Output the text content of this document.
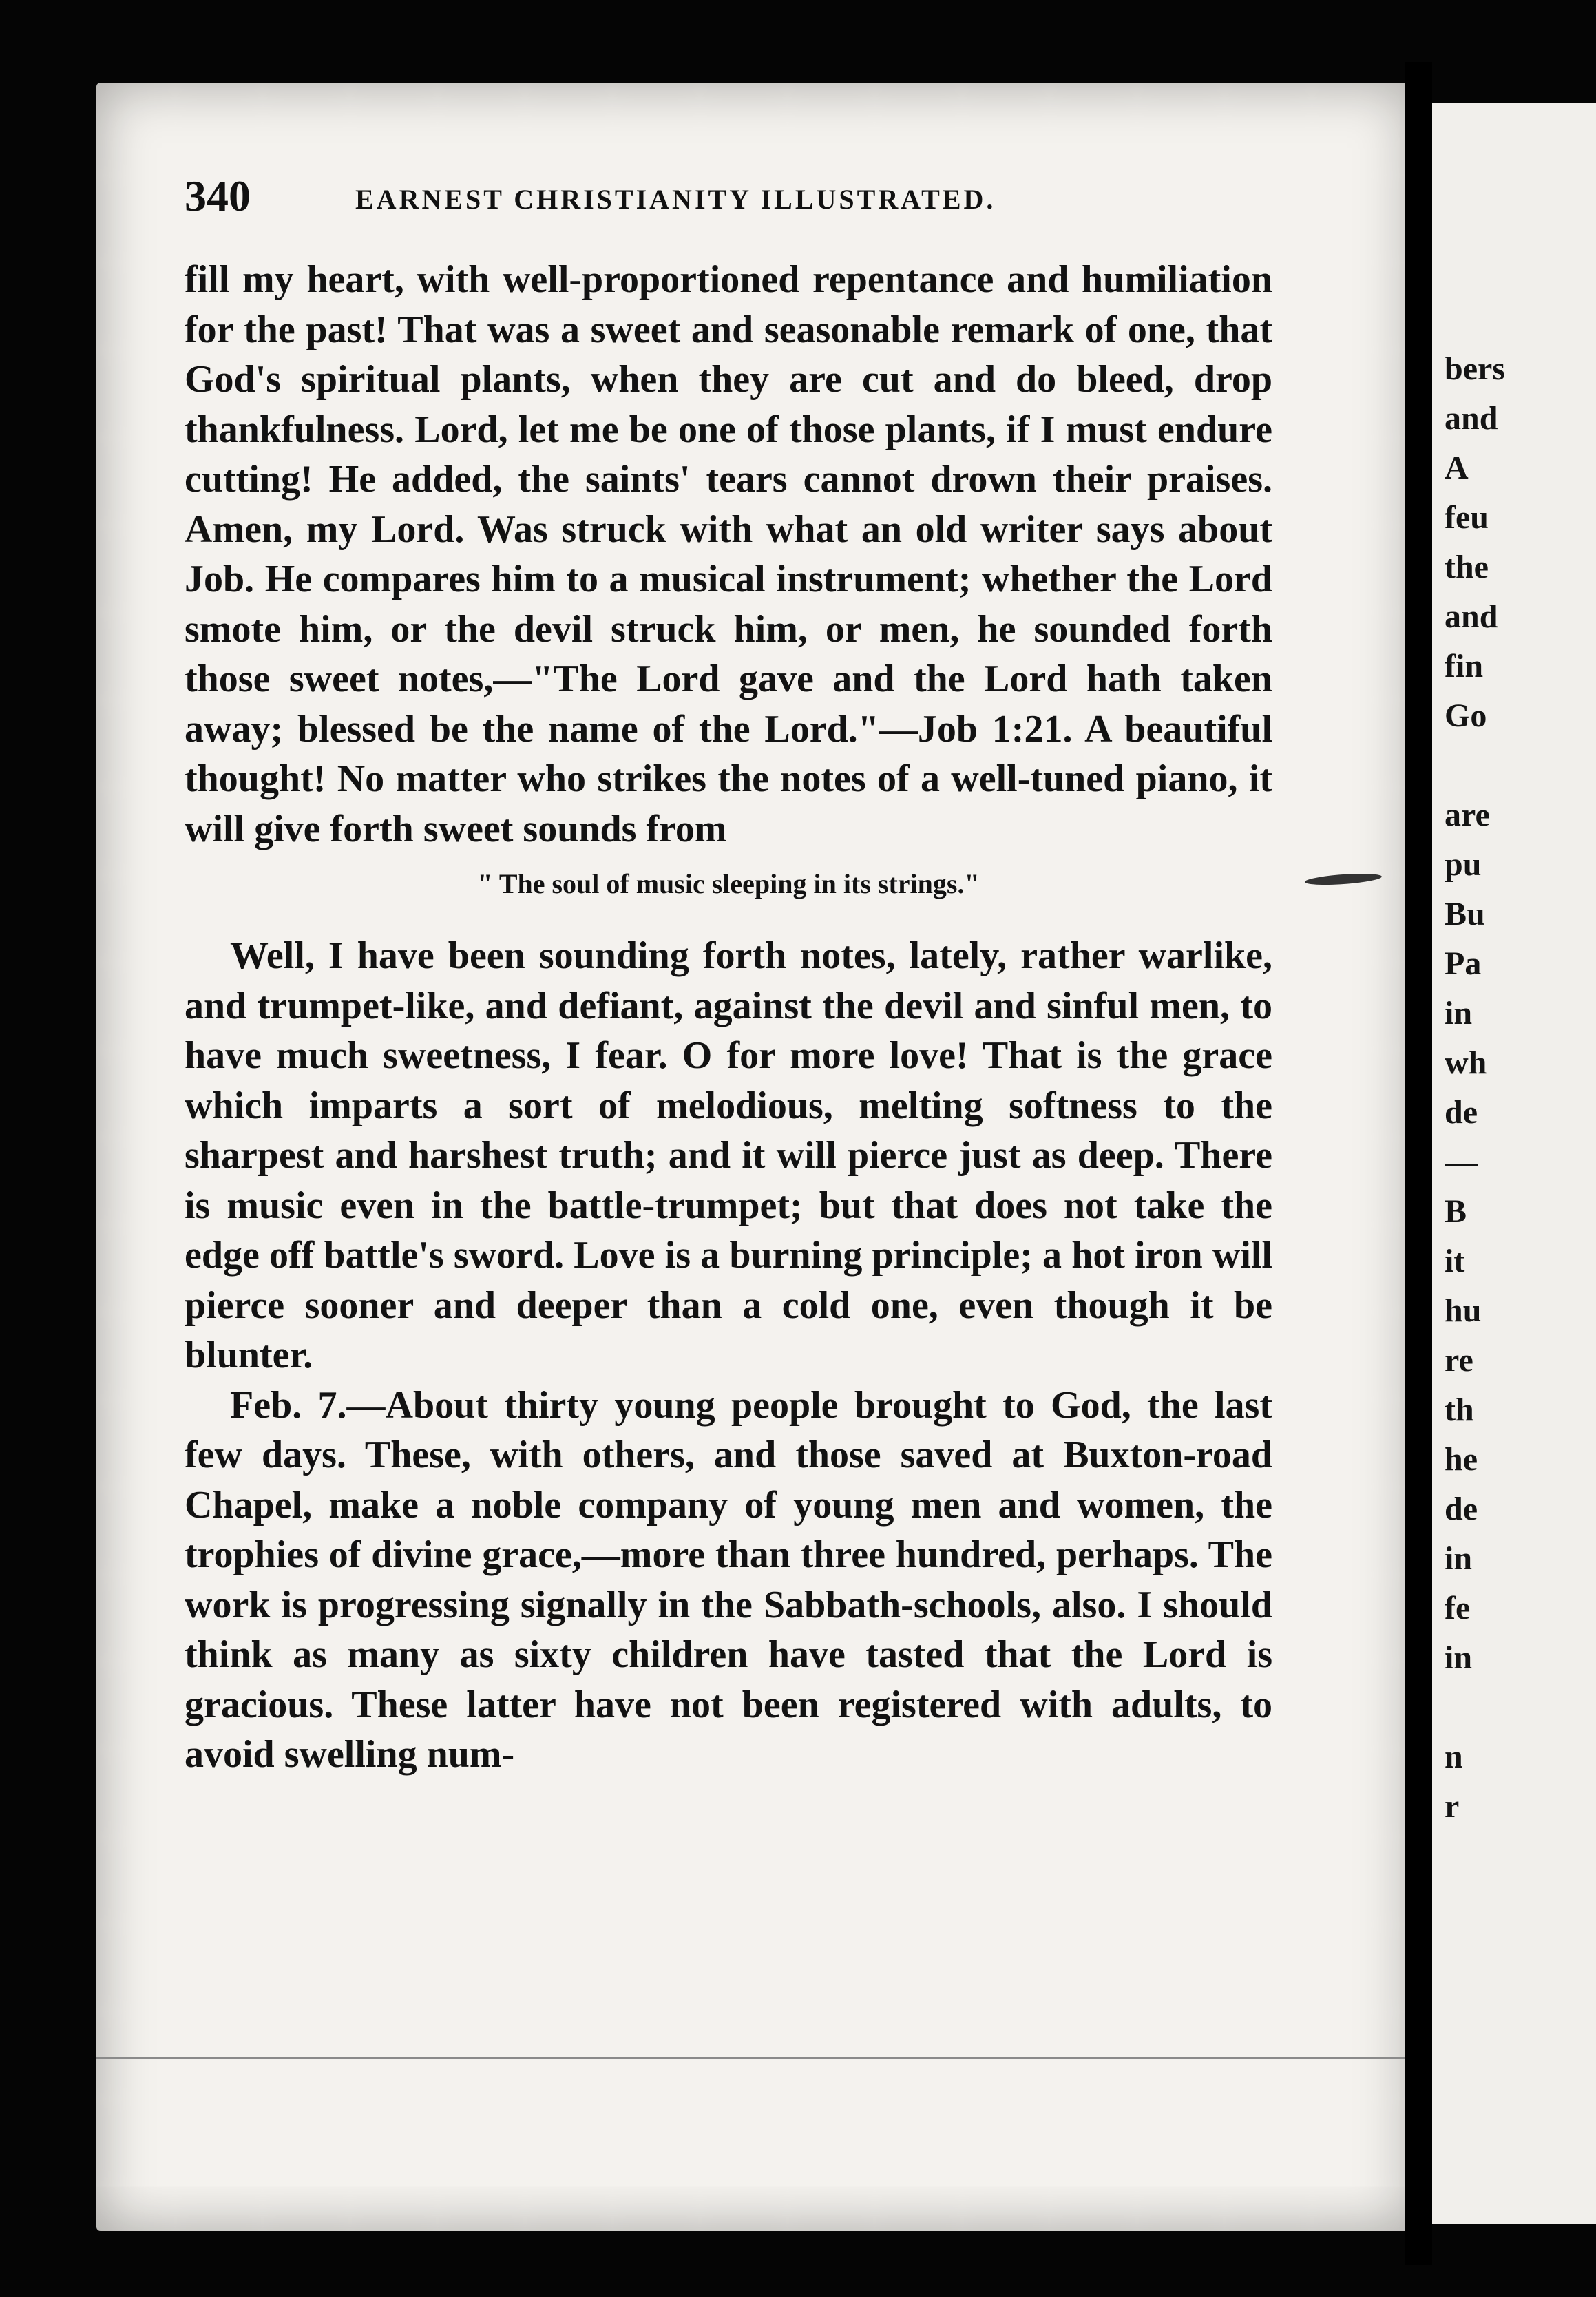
340	EARNEST CHRISTIANITY ILLUSTRATED.

fill my heart, with well-proportioned repentance and humiliation for the past! That was a sweet and seasonable remark of one, that God's spiritual plants, when they are cut and do bleed, drop thankfulness. Lord, let me be one of those plants, if I must endure cutting! He added, the saints' tears cannot drown their praises. Amen, my Lord. Was struck with what an old writer says about Job. He compares him to a musical instrument; whether the Lord smote him, or the devil struck him, or men, he sounded forth those sweet notes,—"The Lord gave and the Lord hath taken away; blessed be the name of the Lord."—Job 1:21. A beautiful thought! No matter who strikes the notes of a well-tuned piano, it will give forth sweet sounds from

" The soul of music sleeping in its strings."

Well, I have been sounding forth notes, lately, rather warlike, and trumpet-like, and defiant, against the devil and sinful men, to have much sweetness, I fear. O for more love! That is the grace which imparts a sort of melodious, melting softness to the sharpest and harshest truth; and it will pierce just as deep. There is music even in the battle-trumpet; but that does not take the edge off battle's sword. Love is a burning principle; a hot iron will pierce sooner and deeper than a cold one, even though it be blunter.

Feb. 7.—About thirty young people brought to God, the last few days. These, with others, and those saved at Buxton-road Chapel, make a noble company of young men and women, the trophies of divine grace,—more than three hundred, perhaps. The work is progressing signally in the Sabbath-schools, also. I should think as many as sixty children have tasted that the Lord is gracious. These latter have not been registered with adults, to avoid swelling num-

bers
and
A
feu
the
and
fin
Go

are
pu
Bu
Pa
in
wh
de
—
B
it
hu
re
th
he
de
in
fe
in

n
r
